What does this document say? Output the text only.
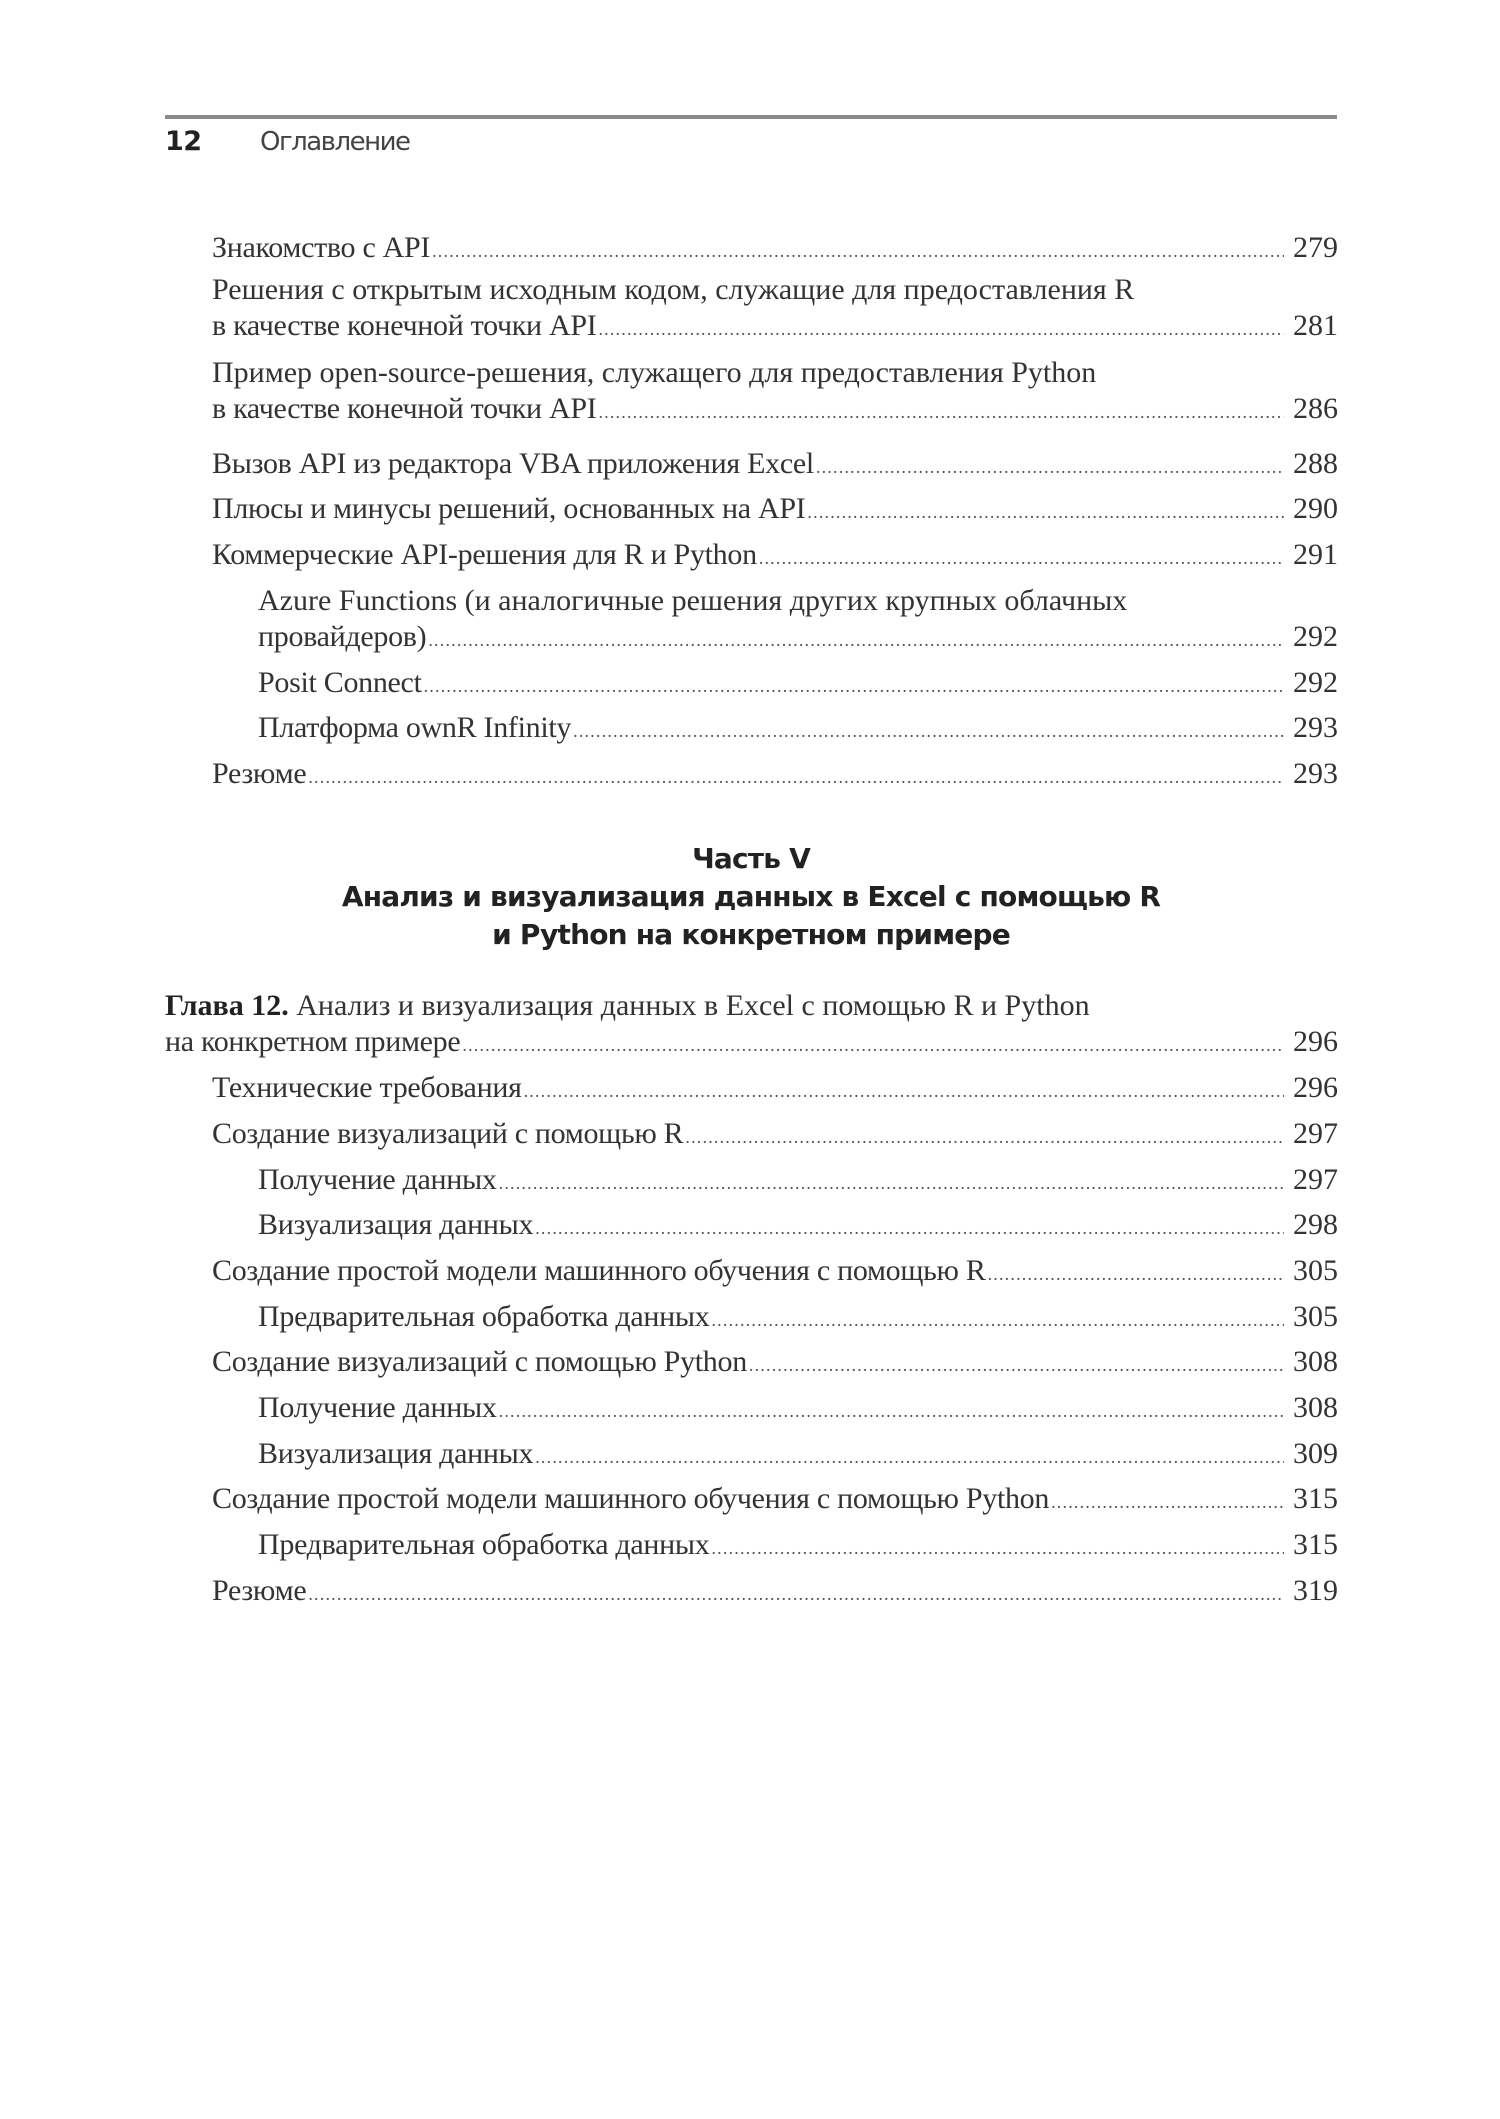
12	Оглавление
Знакомство с API .....	279
Решения с открытым исходным кодом, служащие для предоставления R
в качестве конечной точки API .....	281
Пример open-source-решения, служащего для предоставления Python
в качестве конечной точки API .....	286
Вызов API из редактора VBA приложения Excel .....	288
Плюсы и минусы решений, основанных на API .....	290
Коммерческие API-решения для R и Python .....	291
Azure Functions (и аналогичные решения других крупных облачных
провайдеров) .....	292
Posit Connect .....	292
Платформа ownR Infinity .....	293
Резюме .....	293
Часть V
Анализ и визуализация данных в Excel с помощью R
и Python на конкретном примере
Глава 12. Анализ и визуализация данных в Excel с помощью R и Python
на конкретном примере .....	296
Технические требования .....	296
Создание визуализаций с помощью R .....	297
Получение данных .....	297
Визуализация данных .....	298
Создание простой модели машинного обучения с помощью R .....	305
Предварительная обработка данных .....	305
Создание визуализаций с помощью Python .....	308
Получение данных .....	308
Визуализация данных .....	309
Создание простой модели машинного обучения с помощью Python .....	315
Предварительная обработка данных .....	315
Резюме .....	319
